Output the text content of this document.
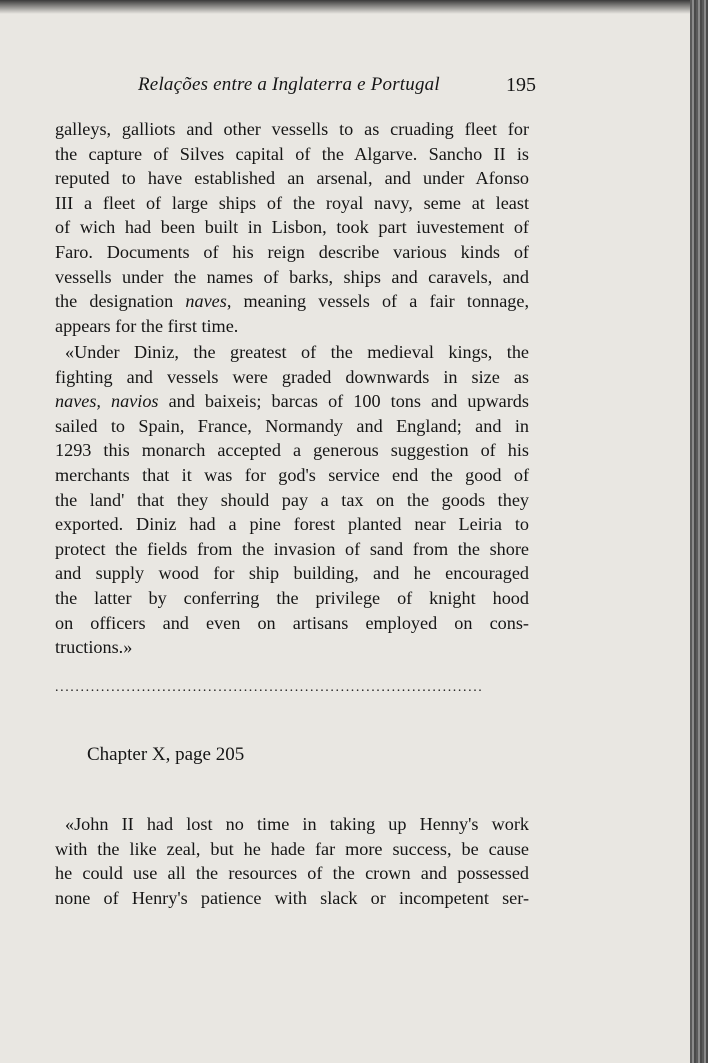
Relações entre a Inglaterra e Portugal	195

galleys, galliots and other vessells to as cruading fleet for
the capture of Silves capital of the Algarve. Sancho II is
reputed to have established an arsenal, and under Afonso
III a fleet of large ships of the royal navy, seme at least
of wich had been built in Lisbon, took part iuvestement of
Faro. Documents of his reign describe various kinds of
vessells under the names of barks, ships and caravels, and
the designation naves, meaning vessels of a fair tonnage,
appears for the first time.

«Under Diniz, the greatest of the medieval kings, the
fighting and vessels were graded downwards in size as
naves, navios and baixeis; barcas of 100 tons and upwards
sailed to Spain, France, Normandy and England; and in
1293 this monarch accepted a generous suggestion of his
merchants that it was for god's service end the good of
the land' that they should pay a tax on the goods they
exported. Diniz had a pine forest planted near Leiria to
protect the fields from the invasion of sand from the shore
and supply wood for ship building, and he encouraged
the latter by conferring the privilege of knight hood
on officers and even on artisans employed on cons-
tructions.»

....................................................................................
Chapter X, page 205

«John II had lost no time in taking up Henny's work
with the like zeal, but he hade far more success, be cause
he could use all the resources of the crown and possessed
none of Henry's patience with slack or incompetent ser-
